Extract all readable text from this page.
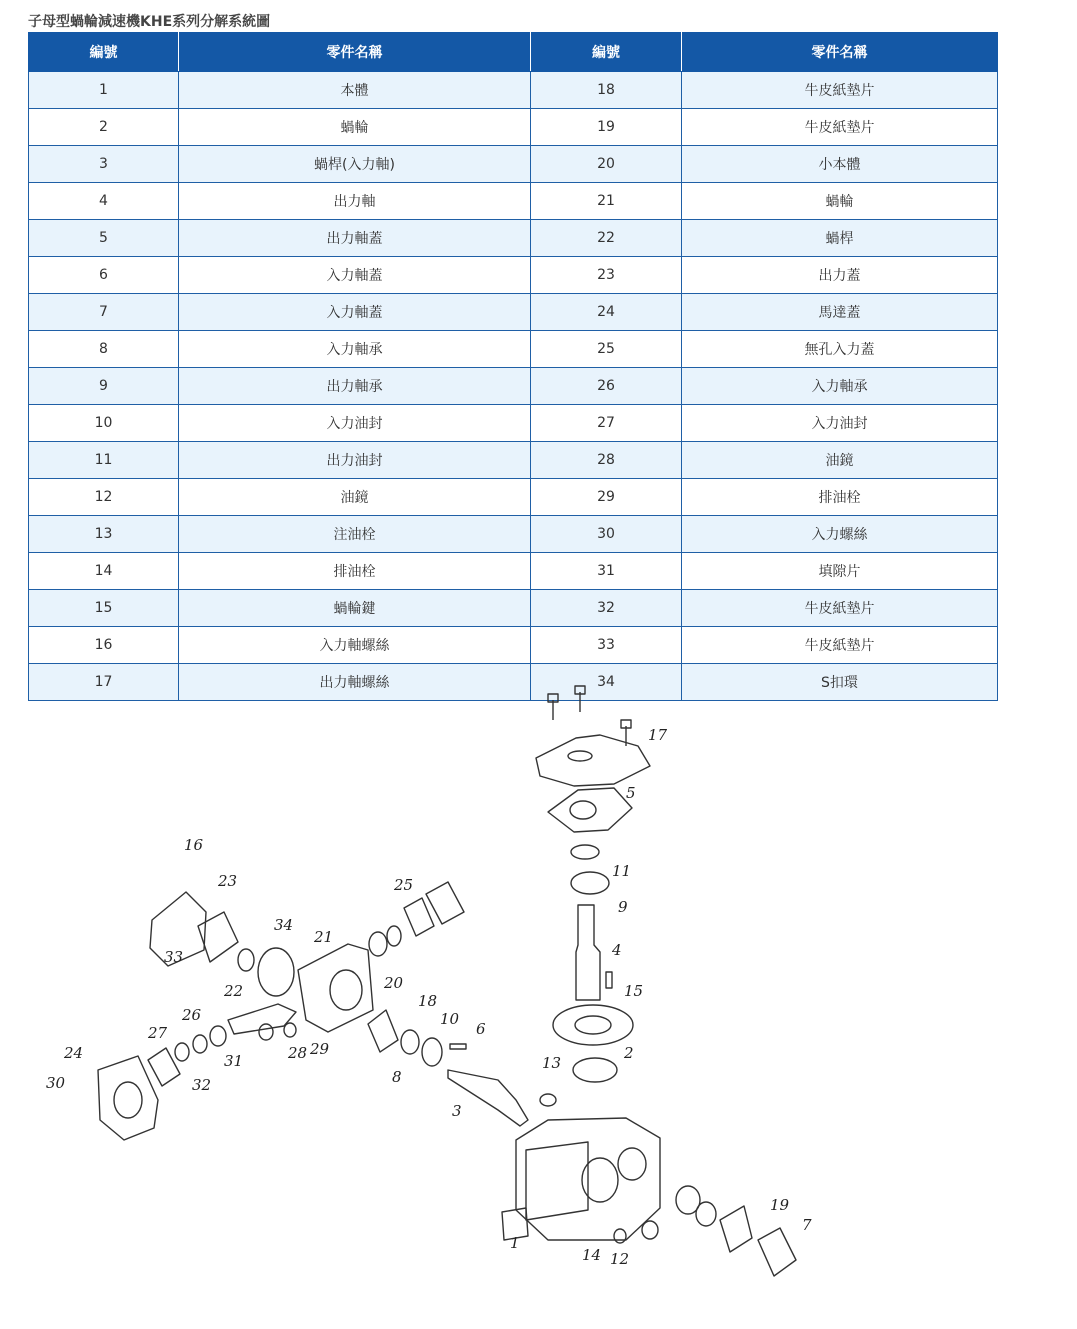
子母型蝸輪減速機KHE系列分解系統圖
編號	零件名稱	編號	零件名稱
1	本體	18	牛皮紙墊片
2	蝸輪	19	牛皮紙墊片
3	蝸桿(入力軸)	20	小本體
4	出力軸	21	蝸輪
5	出力軸蓋	22	蝸桿
6	入力軸蓋	23	出力蓋
7	入力軸蓋	24	馬達蓋
8	入力軸承	25	無孔入力蓋
9	出力軸承	26	入力軸承
10	入力油封	27	入力油封
11	出力油封	28	油鏡
12	油鏡	29	排油栓
13	注油栓	30	入力螺絲
14	排油栓	31	填隙片
15	蝸輪鍵	32	牛皮紙墊片
16	入力軸螺絲	33	牛皮紙墊片
17	出力軸螺絲	34	S扣環
1
2
3
4
5
6
7
8
9
10
11
12
13
14
15
16
17
18
19
20
21
22
23
24
25
26
27
28 29
30
31
32
33
34
